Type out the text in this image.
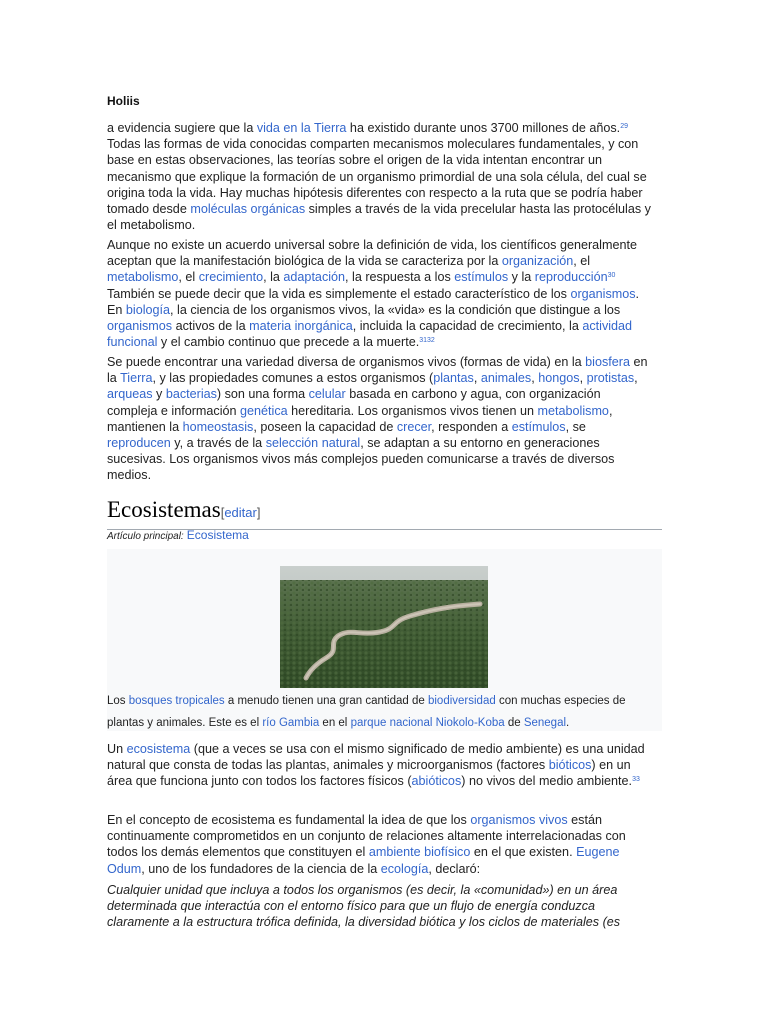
Holiis

a evidencia sugiere que la vida en la Tierra ha existido durante unos 3700 millones de años.$^{29}$ Todas las formas de vida conocidas comparten mecanismos moleculares fundamentales, y con base en estas observaciones, las teorías sobre el origen de la vida intentan encontrar un mecanismo que explique la formación de un organismo primordial de una sola célula, del cual se origina toda la vida. Hay muchas hipótesis diferentes con respecto a la ruta que se podría haber tomado desde moléculas orgánicas simples a través de la vida precelular hasta las protocélulas y el metabolismo.

Aunque no existe un acuerdo universal sobre la definición de vida, los científicos generalmente aceptan que la manifestación biológica de la vida se caracteriza por la organización, el metabolismo, el crecimiento, la adaptación, la respuesta a los estímulos y la reproducción$^{30}$ También se puede decir que la vida es simplemente el estado característico de los organismos. En biología, la ciencia de los organismos vivos, la «vida» es la condición que distingue a los organismos activos de la materia inorgánica, incluida la capacidad de crecimiento, la actividad funcional y el cambio continuo que precede a la muerte.$^{3132}$

Se puede encontrar una variedad diversa de organismos vivos (formas de vida) en la biosfera en la Tierra, y las propiedades comunes a estos organismos (plantas, animales, hongos, protistas, arqueas y bacterias) son una forma celular basada en carbono y agua, con organización compleja e información genética hereditaria. Los organismos vivos tienen un metabolismo, mantienen la homeostasis, poseen la capacidad de crecer, responden a estímulos, se reproducen y, a través de la selección natural, se adaptan a su entorno en generaciones sucesivas. Los organismos vivos más complejos pueden comunicarse a través de diversos medios.

Ecosistemas[editar]
Artículo principal: Ecosistema
Los bosques tropicales a menudo tienen una gran cantidad de biodiversidad con muchas especies de plantas y animales. Este es el río Gambia en el parque nacional Niokolo-Koba de Senegal.

Un ecosistema (que a veces se usa con el mismo significado de medio ambiente) es una unidad natural que consta de todas las plantas, animales y microorganismos (factores bióticos) en un área que funciona junto con todos los factores físicos (abióticos) no vivos del medio ambiente.$^{33}$

En el concepto de ecosistema es fundamental la idea de que los organismos vivos están continuamente comprometidos en un conjunto de relaciones altamente interrelacionadas con todos los demás elementos que constituyen el ambiente biofísico en el que existen. Eugene Odum, uno de los fundadores de la ciencia de la ecología, declaró:

Cualquier unidad que incluya a todos los organismos (es decir, la «comunidad») en un área determinada que interactúa con el entorno físico para que un flujo de energía conduzca claramente a la estructura trófica definida, la diversidad biótica y los ciclos de materiales (es
